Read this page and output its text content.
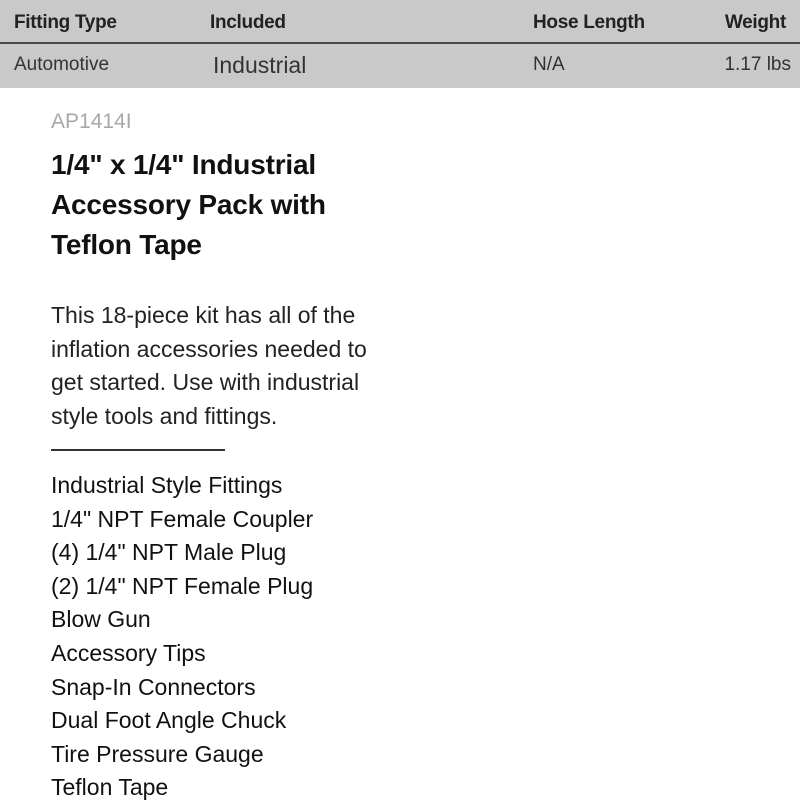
Fitting Type	Included	Hose Length	Weight
Automotive	Industrial	N/A	1.17 lbs

AP1414I

1/4" x 1/4" Industrial Accessory Pack with Teflon Tape

This 18-piece kit has all of the inflation accessories needed to get started. Use with industrial style tools and fittings.

Industrial Style Fittings
1/4" NPT Female Coupler
(4) 1/4" NPT Male Plug
(2) 1/4" NPT Female Plug
Blow Gun
Accessory Tips
Snap-In Connectors
Dual Foot Angle Chuck
Tire Pressure Gauge
Teflon Tape
